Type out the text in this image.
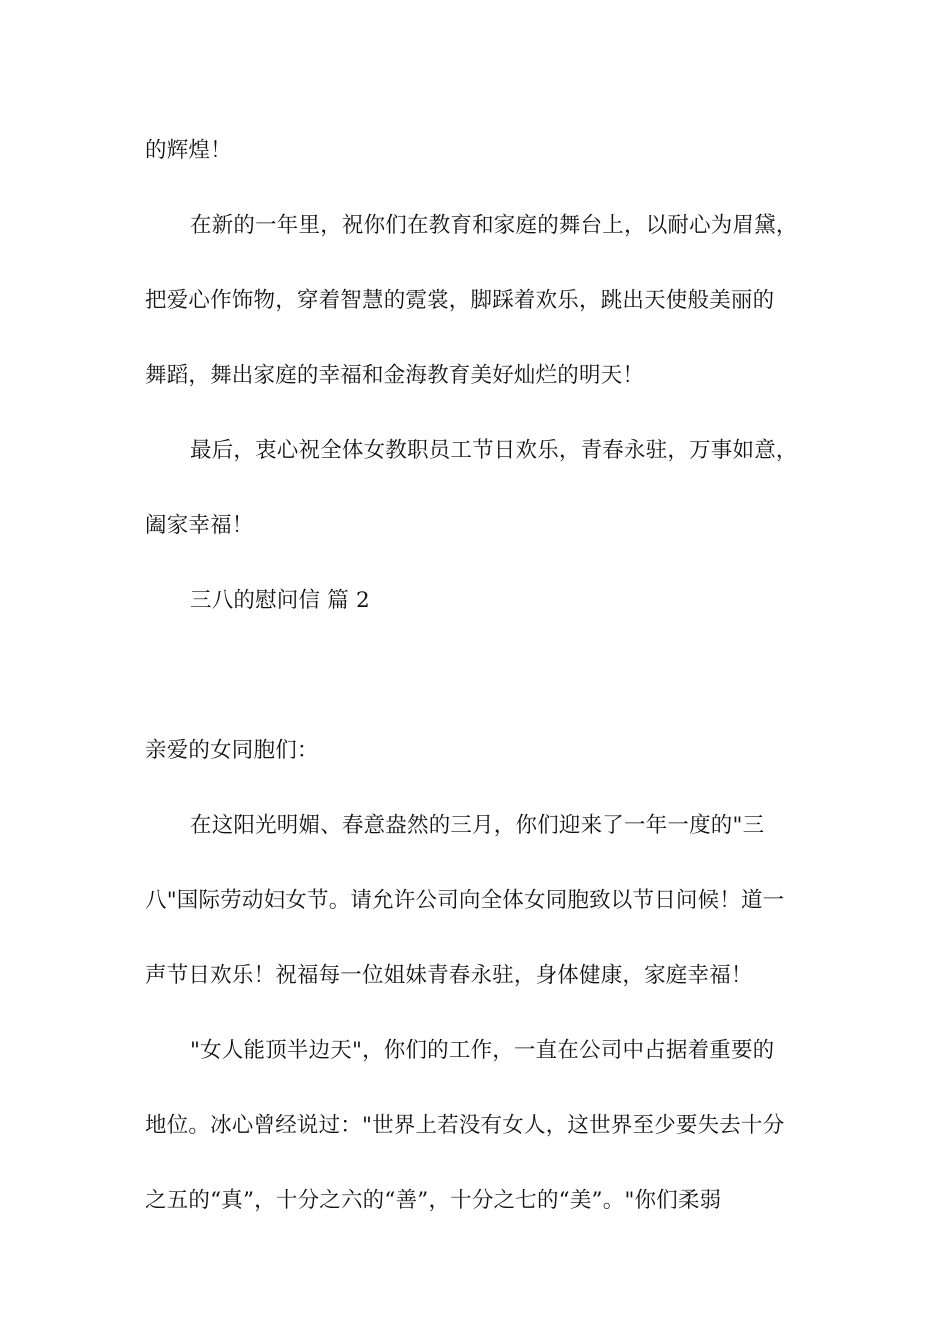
的辉煌！
在新的一年里，祝你们在教育和家庭的舞台上，以耐心为眉黛，
把爱心作饰物，穿着智慧的霓裳，脚踩着欢乐，跳出天使般美丽的
舞蹈，舞出家庭的幸福和金海教育美好灿烂的明天！
最后，衷心祝全体女教职员工节日欢乐，青春永驻，万事如意，
阖家幸福！
三八的慰问信 篇 2
亲爱的女同胞们：
在这阳光明媚、春意盎然的三月，你们迎来了一年一度的"三
八"国际劳动妇女节。请允许公司向全体女同胞致以节日问候！道一
声节日欢乐！祝福每一位姐妹青春永驻，身体健康，家庭幸福！
"女人能顶半边天"，你们的工作，一直在公司中占据着重要的
地位。冰心曾经说过："世界上若没有女人，这世界至少要失去十分
之五的“真”，十分之六的“善”，十分之七的“美”。"你们柔弱
